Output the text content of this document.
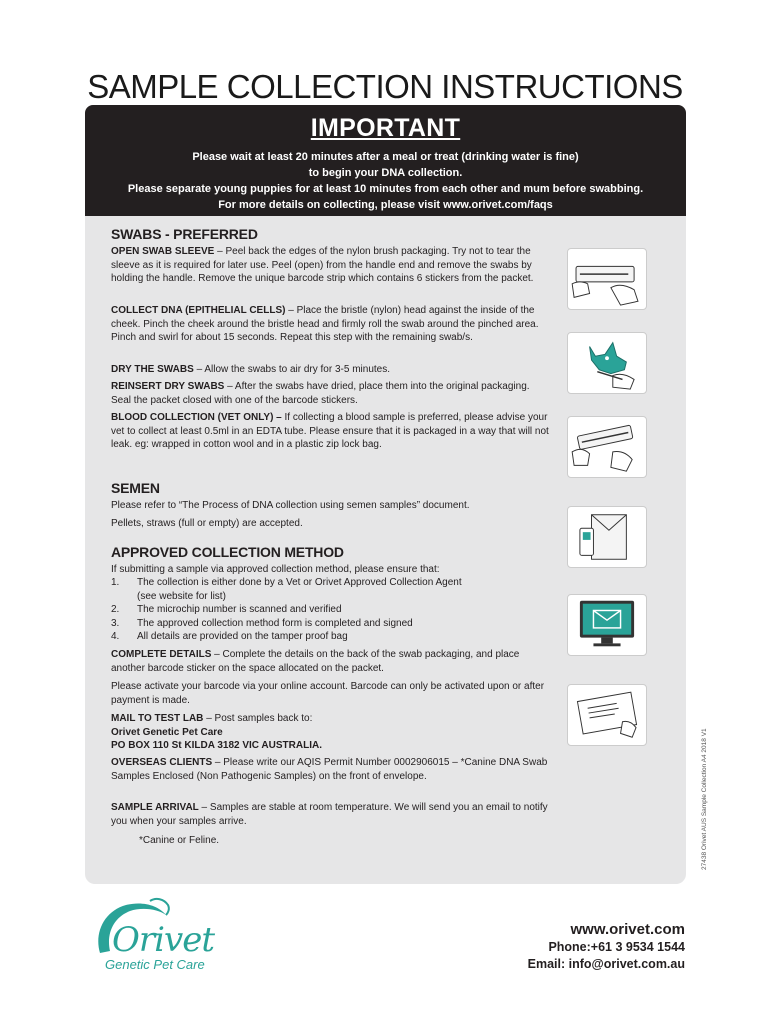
SAMPLE COLLECTION INSTRUCTIONS
IMPORTANT
Please wait at least 20 minutes after a meal or treat (drinking water is fine)
to begin your DNA collection.
Please separate young puppies for at least 10 minutes from each other and mum before swabbing.
For more details on collecting, please visit www.orivet.com/faqs
SWABS - PREFERRED
OPEN SWAB SLEEVE – Peel back the edges of the nylon brush packaging. Try not to tear the sleeve as it is required for later use. Peel (open) from the handle end and remove the swabs by holding the handle. Remove the unique barcode strip which contains 6 stickers from the packet.
COLLECT DNA (EPITHELIAL CELLS) – Place the bristle (nylon) head against the inside of the cheek. Pinch the cheek around the bristle head and firmly roll the swab around the pinched area. Pinch and swirl for about 15 seconds. Repeat this step with the remaining swab/s.
DRY THE SWABS – Allow the swabs to air dry for 3-5 minutes.
REINSERT DRY SWABS – After the swabs have dried, place them into the original packaging. Seal the packet closed with one of the barcode stickers.
BLOOD COLLECTION (VET ONLY) – If collecting a blood sample is preferred, please advise your vet to collect at least 0.5ml in an EDTA tube. Please ensure that it is packaged in a way that will not leak. eg: wrapped in cotton wool and in a plastic zip lock bag.
SEMEN
Please refer to “The Process of DNA collection using semen samples” document.
Pellets, straws (full or empty) are accepted.
APPROVED COLLECTION METHOD
If submitting a sample via approved collection method, please ensure that:
1.	The collection is either done by a Vet or Orivet Approved Collection Agent
(see website for list)
2.	The microchip number is scanned and verified
3.	The approved collection method form is completed and signed
4.	All details are provided on the tamper proof bag
COMPLETE DETAILS – Complete the details on the back of the swab packaging, and place another barcode sticker on the space allocated on the packet.
Please activate your barcode via your online account. Barcode can only be activated upon or after payment is made.
MAIL TO TEST LAB – Post samples back to:
Orivet Genetic Pet Care
PO BOX 110 St KILDA 3182 VIC AUSTRALIA.
OVERSEAS CLIENTS – Please write our AQIS Permit Number 0002906015 – *Canine DNA Swab Samples Enclosed (Non Pathogenic Samples) on the front of envelope.
SAMPLE ARRIVAL – Samples are stable at room temperature. We will send you an email to notify you when your samples arrive.
*Canine or Feline.	27438 Orivet AUS Sample Collection A4 2018 V1
Orivet
Genetic Pet Care
www.orivet.com
Phone:+61 3 9534 1544
Email: info@orivet.com.au
